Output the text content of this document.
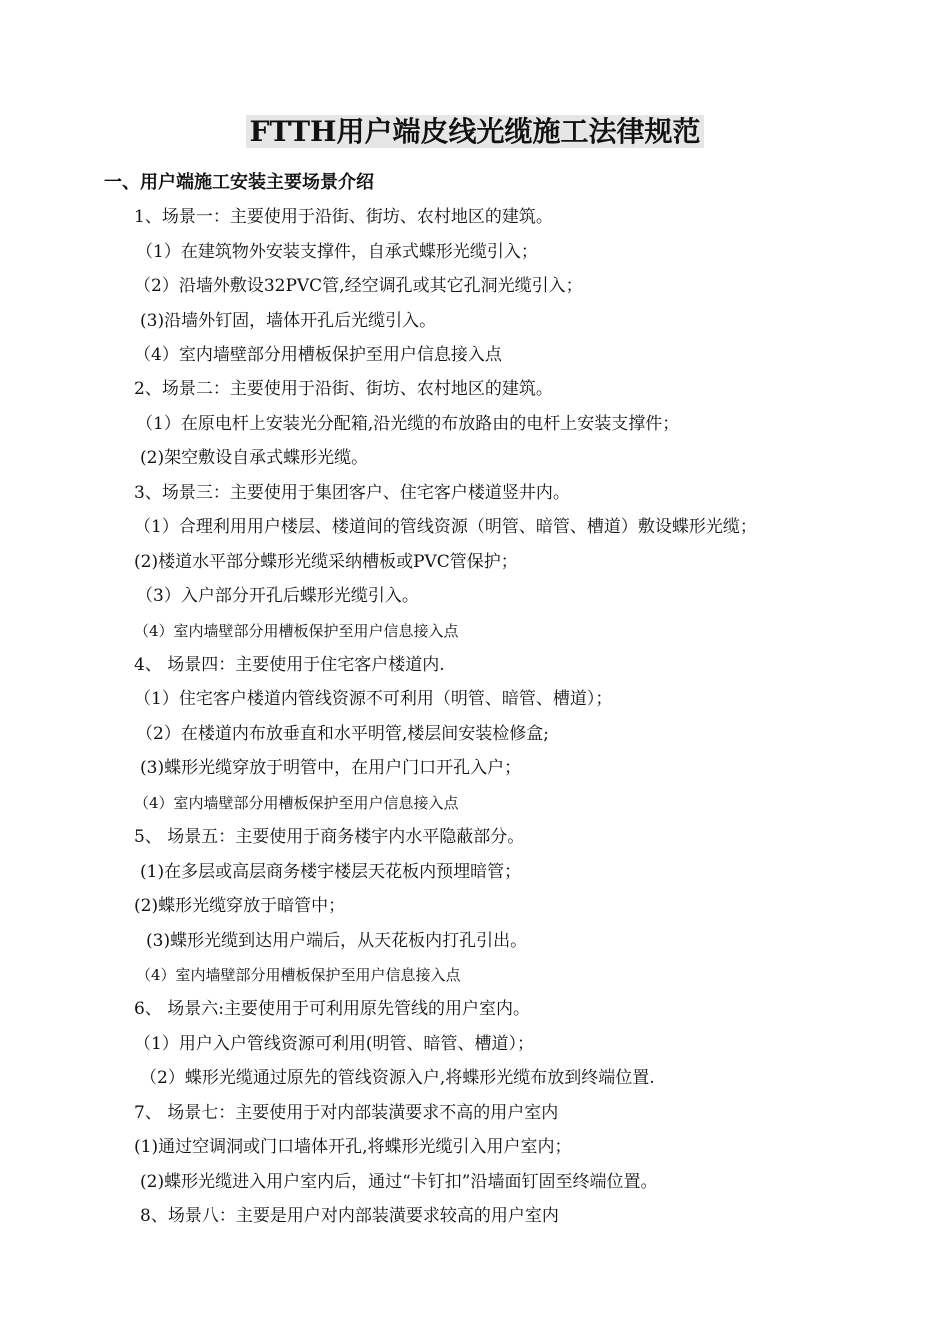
FTTH用户端皮线光缆施工法律规范
一、用户端施工安装主要场景介绍
1、场景一：主要使用于沿街、街坊、农村地区的建筑。
（1）在建筑物外安装支撑件，自承式蝶形光缆引入；
（2）沿墙外敷设32PVC管,经空调孔或其它孔洞光缆引入；
(3)沿墙外钉固，墙体开孔后光缆引入。
（4）室内墙壁部分用槽板保护至用户信息接入点
2、场景二：主要使用于沿街、街坊、农村地区的建筑。
（1）在原电杆上安装光分配箱,沿光缆的布放路由的电杆上安装支撑件；
(2)架空敷设自承式蝶形光缆。
3、场景三：主要使用于集团客户、住宅客户楼道竖井内。
（1）合理利用用户楼层、楼道间的管线资源（明管、暗管、槽道）敷设蝶形光缆；
(2)楼道水平部分蝶形光缆采纳槽板或PVC管保护；
（3）入户部分开孔后蝶形光缆引入。
（4）室内墙壁部分用槽板保护至用户信息接入点
4、 场景四：主要使用于住宅客户楼道内.
（1）住宅客户楼道内管线资源不可利用（明管、暗管、槽道）；
（2）在楼道内布放垂直和水平明管,楼层间安装检修盒;
(3)蝶形光缆穿放于明管中，在用户门口开孔入户；
（4）室内墙壁部分用槽板保护至用户信息接入点
5、 场景五：主要使用于商务楼宇内水平隐蔽部分。
(1)在多层或高层商务楼宇楼层天花板内预埋暗管；
(2)蝶形光缆穿放于暗管中；
(3)蝶形光缆到达用户端后，从天花板内打孔引出。
（4）室内墙壁部分用槽板保护至用户信息接入点
6、 场景六:主要使用于可利用原先管线的用户室内。
（1）用户入户管线资源可利用(明管、暗管、槽道）；
（2）蝶形光缆通过原先的管线资源入户,将蝶形光缆布放到终端位置.
7、 场景七：主要使用于对内部装潢要求不高的用户室内
(1)通过空调洞或门口墙体开孔,将蝶形光缆引入用户室内；
(2)蝶形光缆进入用户室内后，通过“卡钉扣”沿墙面钉固至终端位置。
8、场景八：主要是用户对内部装潢要求较高的用户室内
